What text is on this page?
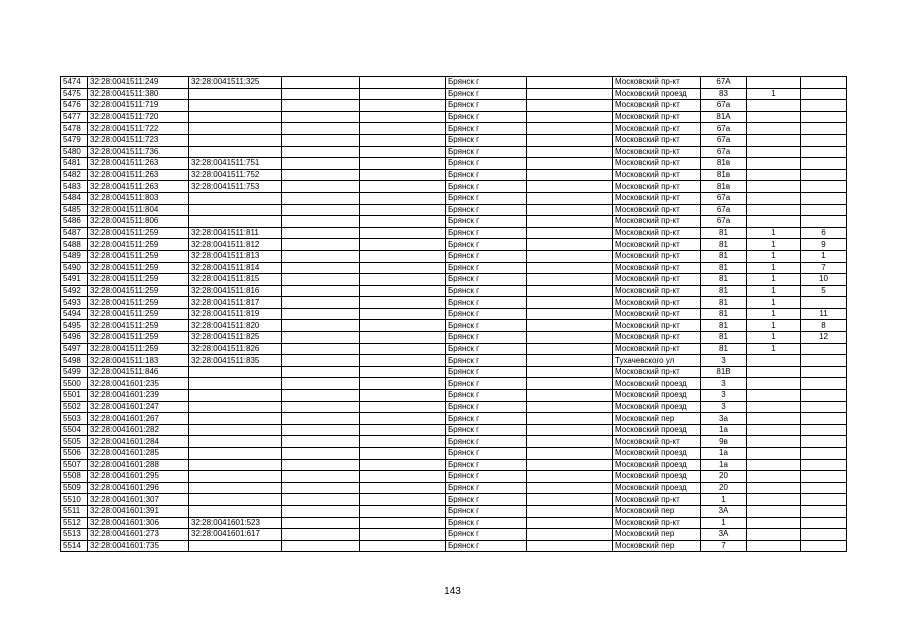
5474	32:28:0041511:249	32:28:0041511:325			Брянск г		Московский пр-кт	67А		
5475	32:28:0041511:380				Брянск г		Московский проезд	83	1	
5476	32:28:0041511:719				Брянск г		Московский пр-кт	67а		
5477	32:28:0041511:720				Брянск г		Московский пр-кт	81А		
5478	32:28:0041511:722				Брянск г		Московский пр-кт	67а		
5479	32:28:0041511:723				Брянск г		Московский пр-кт	67а		
5480	32:28:0041511:736				Брянск г		Московский пр-кт	67а		
5481	32:28:0041511:263	32:28:0041511:751			Брянск г		Московский пр-кт	81в		
5482	32:28:0041511:263	32:28:0041511:752			Брянск г		Московский пр-кт	81в		
5483	32:28:0041511:263	32:28:0041511:753			Брянск г		Московский пр-кт	81в		
5484	32:28:0041511:803				Брянск г		Московский пр-кт	67а		
5485	32:28:0041511:804				Брянск г		Московский пр-кт	67а		
5486	32:28:0041511:806				Брянск г		Московский пр-кт	67а		
5487	32:28:0041511:259	32:28:0041511:811			Брянск г		Московский пр-кт	81	1	6
5488	32:28:0041511:259	32:28:0041511:812			Брянск г		Московский пр-кт	81	1	9
5489	32:28:0041511:259	32:28:0041511:813			Брянск г		Московский пр-кт	81	1	1
5490	32:28:0041511:259	32:28:0041511:814			Брянск г		Московский пр-кт	81	1	7
5491	32:28:0041511:259	32:28:0041511:815			Брянск г		Московский пр-кт	81	1	10
5492	32:28:0041511:259	32:28:0041511:816			Брянск г		Московский пр-кт	81	1	5
5493	32:28:0041511:259	32:28:0041511:817			Брянск г		Московский пр-кт	81	1	
5494	32:28:0041511:259	32:28:0041511:819			Брянск г		Московский пр-кт	81	1	11
5495	32:28:0041511:259	32:28:0041511:820			Брянск г		Московский пр-кт	81	1	8
5496	32:28:0041511:259	32:28:0041511:825			Брянск г		Московский пр-кт	81	1	12
5497	32:28:0041511:259	32:28:0041511:826			Брянск г		Московский пр-кт	81	1	
5498	32:28:0041511:183	32:28:0041511:835			Брянск г		Тухачевского ул	3		
5499	32:28:0041511:846				Брянск г		Московский пр-кт	81В		
5500	32:28:0041601:235				Брянск г		Московский проезд	3		
5501	32:28:0041601:239				Брянск г		Московский проезд	3		
5502	32:28:0041601:247				Брянск г		Московский проезд	3		
5503	32:28:0041601:267				Брянск г		Московский пер	3а		
5504	32:28:0041601:282				Брянск г		Московский проезд	1а		
5505	32:28:0041601:284				Брянск г		Московский пр-кт	9в		
5506	32:28:0041601:285				Брянск г		Московский проезд	1а		
5507	32:28:0041601:288				Брянск г		Московский проезд	1а		
5508	32:28:0041601:295				Брянск г		Московский проезд	20		
5509	32:28:0041601:296				Брянск г		Московский проезд	20		
5510	32:28:0041601:307				Брянск г		Московский пр-кт	1		
5511	32:28:0041601:391				Брянск г		Московский пер	3А		
5512	32:28:0041601:306	32:28:0041601:523			Брянск г		Московский пр-кт	1		
5513	32:28:0041601:273	32:28:0041601:617			Брянск г		Московский пер	3А		
5514	32:28:0041601:735				Брянск г		Московский пер	7		
143
